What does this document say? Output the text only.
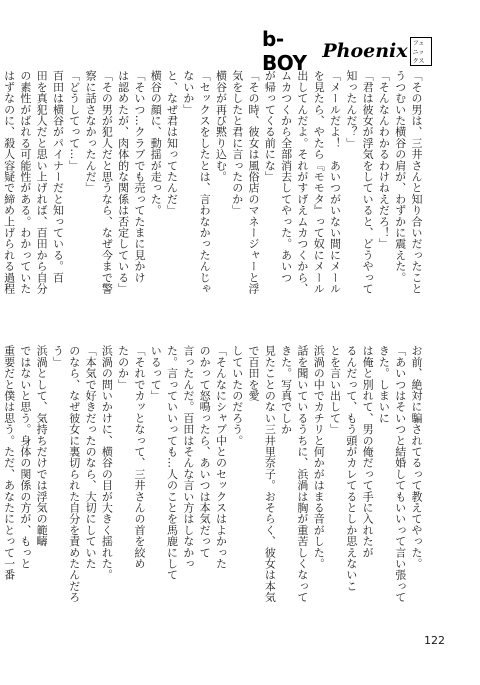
b-BOY Phoenix フェニックス

「その男は、三井さんと知り合いだったこと

うつむいた横谷の肩が、わずかに震えた。

「そんなんわかるわけねえだろ！」

「君は彼女が浮気をしていると、どうやって

知ったんだ？」

「メールだよ！　あいつがいない間にメール

を見たら、やたら『モモタ』って奴にメール

出してんだよ。それがすげえムカつくから、

ムカつくから全部消去してやった。あいつ

が帰ってくる前にな」

「その時、彼女は風俗店のマネージャーと浮

気をしたと君に言ったのか」

横谷が再び黙り込む。

「セックスをしたとは、言わなかったんじゃ

ないか」

と、なぜ君は知ってたんだ」

横谷の顔に、動揺が走った。

「そいつ…クラブでも売ってたまに見かけ

は認めたが、肉体的な関係は否定している」

「その男が犯人だと思うなら、なぜ今まで警

察に話さなかったんだ」

「どうしてって…」

百田は横谷がパイナーだと知っている。百

田を真犯人だと思い上げれば、百田から自分

の素性がばれる可能性がある。わかっていた

はずなのに、殺人容疑で締め上げられる過程

お前、絶対に騙されてるって教えてやった。

「あいつはそいつと結婚してもいいって言い張ってきた。しまいに

は俺と別れて、男の俺だって手に入れたが

るんだって、もう頭がカレてるとしか思えないこ

とを言い出して」

浜渦の中でカチリと何かがはまる音がした。

話を聞いているうちに、浜渦は胸が重苦しくなってきた。写真でしか

見たことのない三井里奈子。おそらく、彼女は本気で百田を愛

していたのだろう。

「そんなにシャブ中とのセックスはよかった

のかって怒鳴ったら、あいつは本気だって

言ったんだ。百田はそんな言い方はしなかっ

た。言っていいっても…人のことを馬鹿にして

いるって」

「それでカッとなって、三井さんの首を絞め

たのか」

浜渦の問いかけに、横谷の目が大きく揺れた。

「本気で好きだったのなら、大切にしていた

のなら、なぜ彼女に裏切られた自分を責めたんだろう」

浜渦として、気持ちだけでは浮気の範疇

ではないと思う。身体の関係の方が、もっと

重要だと僕は思う。ただ、あなたにとって一番

122
